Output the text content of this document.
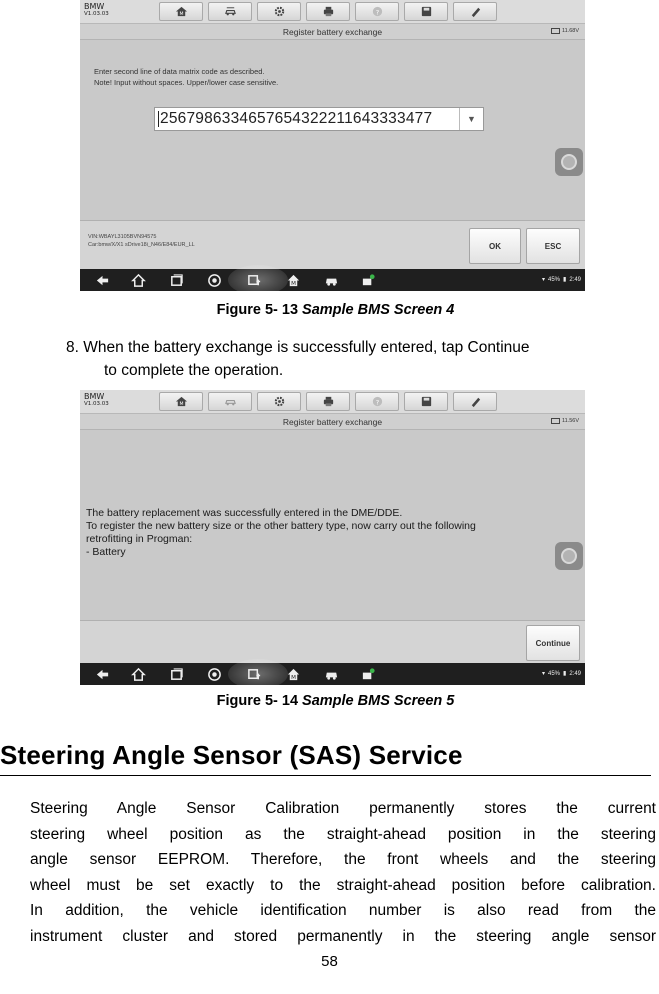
BMW
V1.03.03	M	?
Register battery exchange	11.68V
Enter second line of data matrix code as described.
Note! Input without spaces. Upper/lower case sensitive.
2567986334657654322211643333477	▼
VIN:WBAYL3105BVN94575
Car:bmw/X/X1 sDrive18i_N46/E84/EUR_LL	OK	ESC
M
▾ 45% ▮ 2:49
Figure 5- 13 Sample BMS Screen 4
8. When the battery exchange is successfully entered, tap Continue
to complete the operation.
BMW
V1.03.03	M	?
Register battery exchange	11.56V
The battery replacement was successfully entered in the DME/DDE.
To register the new battery size or the other battery type, now carry out the following
retrofitting in Progman:
- Battery
Continue
M
▾ 45% ▮ 2:49
Figure 5- 14 Sample BMS Screen 5
Steering Angle Sensor (SAS) Service
Steering Angle Sensor Calibration permanently stores the current
steering wheel position as the straight-ahead position in the steering
angle sensor EEPROM. Therefore, the front wheels and the steering
wheel must be set exactly to the straight-ahead position before calibration.
In addition, the vehicle identification number is also read from the
instrument cluster and stored permanently in the steering angle sensor
58
